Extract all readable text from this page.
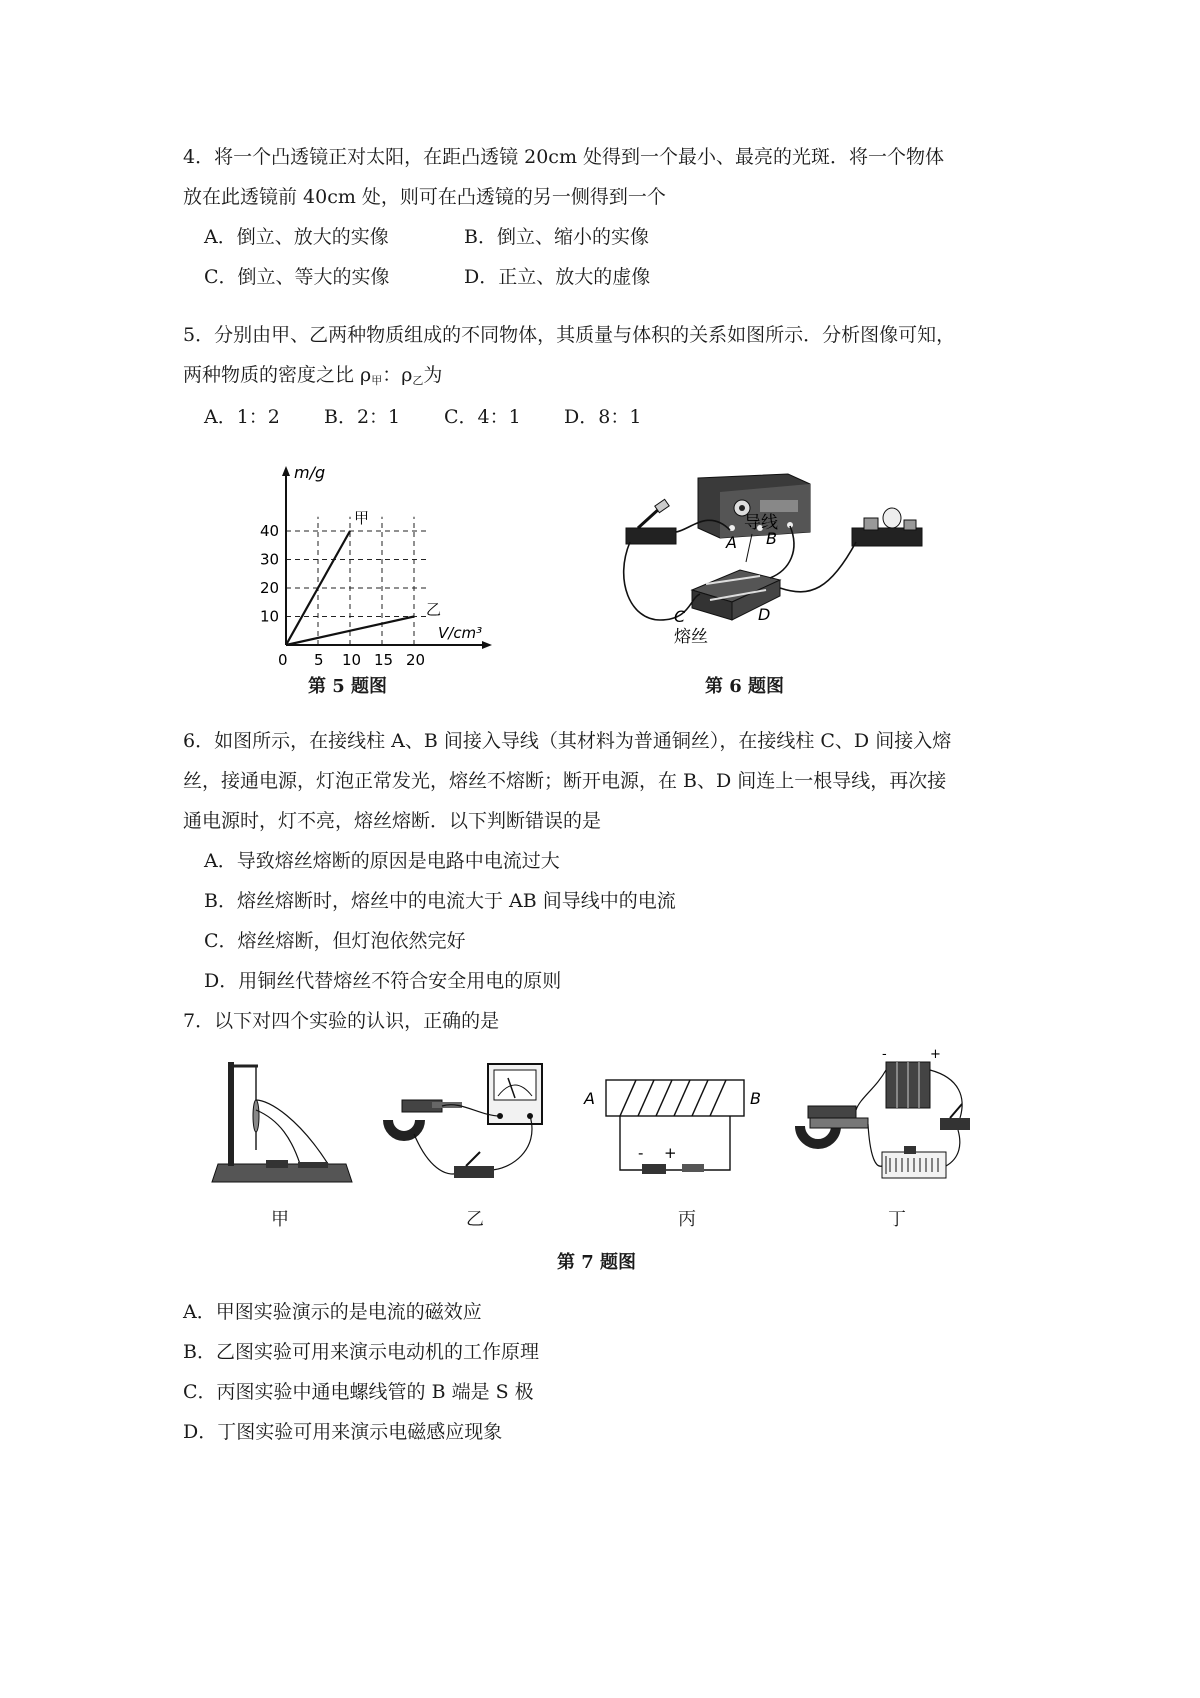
4．将一个凸透镜正对太阳，在距凸透镜 20cm 处得到一个最小、最亮的光斑．将一个物体
放在此透镜前 40cm 处，则可在凸透镜的另一侧得到一个
A．倒立、放大的实像	B．倒立、缩小的实像
C．倒立、等大的实像	D．正立、放大的虚像
5．分别由甲、乙两种物质组成的不同物体，其质量与体积的关系如图所示．分析图像可知，
两种物质的密度之比 $\rho_甲$：$\rho_乙$为
A．1：2 B．2：1 C．4：1 D．8：1
5 10 15 20
10
20
30
40
m/g
V/cm³
0
甲
乙
第 5 题图
导线
A B
C	D
熔丝
第 6 题图
6．如图所示，在接线柱 A、B 间接入导线（其材料为普通铜丝），在接线柱 C、D 间接入熔
丝，接通电源，灯泡正常发光，熔丝不熔断；断开电源，在 B、D 间连上一根导线，再次接
通电源时，灯不亮，熔丝熔断．以下判断错误的是
A．导致熔丝熔断的原因是电路中电流过大
B．熔丝熔断时，熔丝中的电流大于 AB 间导线中的电流
C．熔丝熔断，但灯泡依然完好
D．用铜丝代替熔丝不符合安全用电的原则
7．以下对四个实验的认识，正确的是
甲	乙
A	B
- +
丙
-	+
丁
第 7 题图
A．甲图实验演示的是电流的磁效应
B．乙图实验可用来演示电动机的工作原理
C．丙图实验中通电螺线管的 B 端是 S 极
D．丁图实验可用来演示电磁感应现象
